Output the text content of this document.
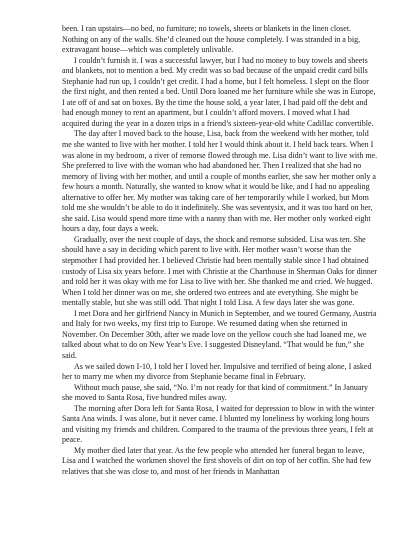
been. I ran upstairs—no bed, no furniture; no towels, sheets or blankets in the linen closet. Nothing on any of the walls. She’d cleaned out the house completely. I was stranded in a big, extravagant house—which was completely unlivable.

I couldn’t furnish it. I was a successful lawyer, but I had no money to buy towels and sheets and blankets, not to mention a bed. My credit was so bad because of the unpaid credit card bills Stephanie had run up, I couldn’t get credit. I had a home, but I felt homeless. I slept on the floor the first night, and then rented a bed. Until Dora loaned me her furniture while she was in Europe, I ate off of and sat on boxes. By the time the house sold, a year later, I had paid off the debt and had enough money to rent an apartment, but I couldn’t afford movers. I moved what I had acquired during the year in a dozen trips in a friend’s sixteen-year-old white Cadillac convertible.

The day after I moved back to the house, Lisa, back from the weekend with her mother, told me she wanted to live with her mother. I told her I would think about it. I held back tears. When I was alone in my bedroom, a river of remorse flowed through me. Lisa didn’t want to live with me. She preferred to live with the woman who had abandoned her. Then I realized that she had no memory of living with her mother, and until a couple of months earlier, she saw her mother only a few hours a month. Naturally, she wanted to know what it would be like, and I had no appealing alternative to offer her. My mother was taking care of her temporarily while I worked, but Mom told me she wouldn’t be able to do it indefinitely. She was seventysix, and it was too hard on her, she said. Lisa would spend more time with a nanny than with me. Her mother only worked eight hours a day, four days a week.

Gradually, over the next couple of days, the shock and remorse subsided. Lisa was ten. She should have a say in deciding which parent to live with. Her mother wasn’t worse than the stepmother I had provided her. I believed Christie had been mentally stable since I had obtained custody of Lisa six years before. I met with Christie at the Charthouse in Sherman Oaks for dinner and told her it was okay with me for Lisa to live with her. She thanked me and cried. We hugged. When I told her dinner was on me, she ordered two entrees and ate everything. She might be mentally stable, but she was still odd. That night I told Lisa. A few days later she was gone.

I met Dora and her girlfriend Nancy in Munich in September, and we toured Germany, Austria and Italy for two weeks, my first trip to Europe. We resumed dating when she returned in November. On December 30th, after we made love on the yellow couch she had loaned me, we talked about what to do on New Year’s Eve. I suggested Disneyland. “That would be fun,” she said.

As we sailed down I-10, I told her I loved her. Impulsive and terrified of being alone, I asked her to marry me when my divorce from Stephanie became final in February.

Without much pause, she said, “No. I’m not ready for that kind of commitment.” In January she moved to Santa Rosa, five hundred miles away.

The morning after Dora left for Santa Rosa, I waited for depression to blow in with the winter Santa Ana winds. I was alone, but it never came. I blunted my loneliness by working long hours and visiting my friends and children. Compared to the trauma of the previous three years, I felt at peace.

My mother died later that year. As the few people who attended her funeral began to leave, Lisa and I watched the workmen shovel the first shovels of dirt on top of her coffin. She had few relatives that she was close to, and most of her friends in Manhattan
